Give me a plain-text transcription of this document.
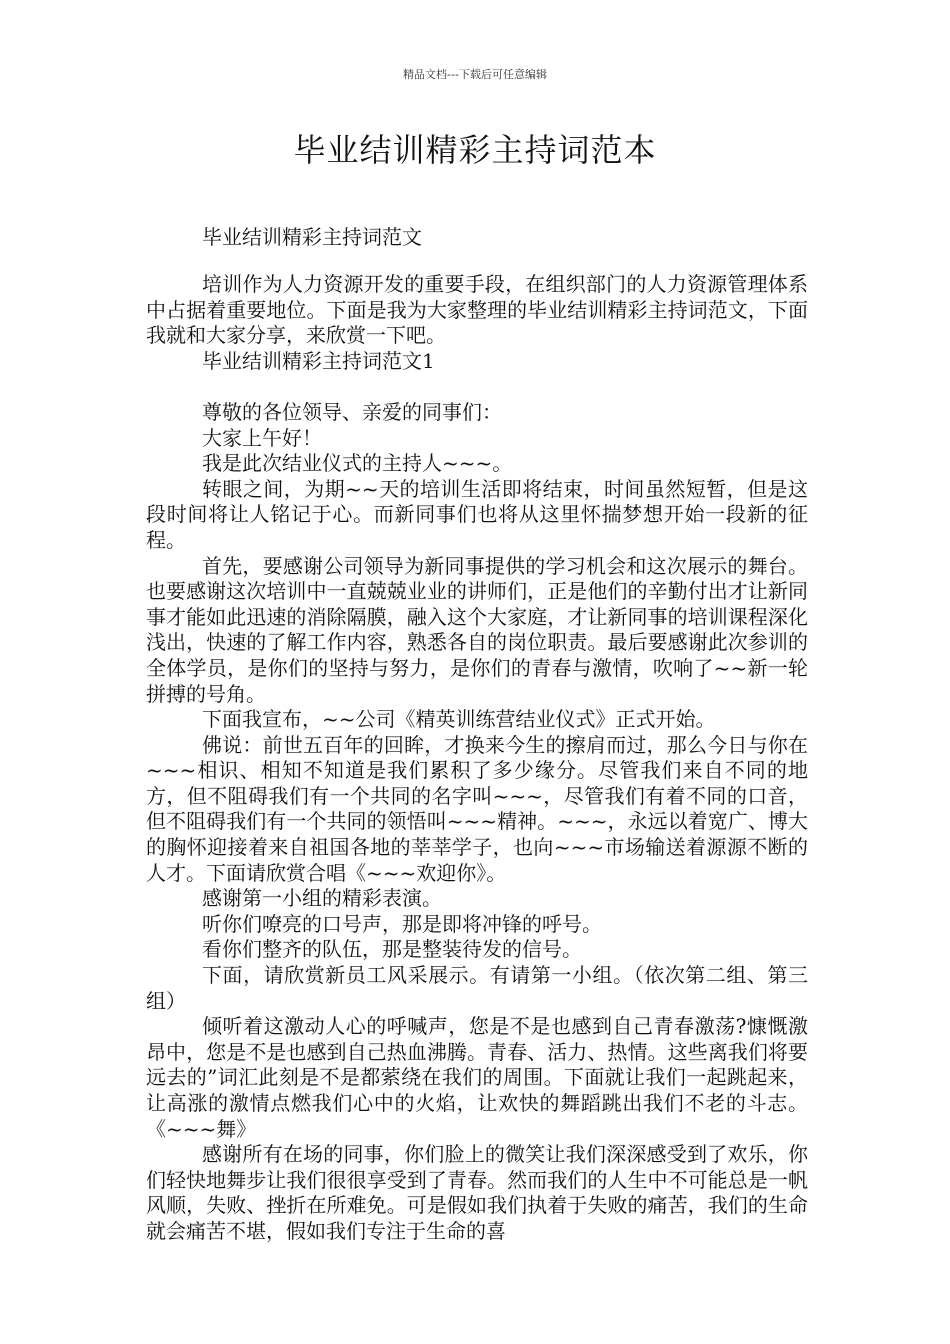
精品文档---下载后可任意编辑
毕业结训精彩主持词范本
毕业结训精彩主持词范文

培训作为人力资源开发的重要手段，在组织部门的人力资源管理体系中占据着重要地位。下面是我为大家整理的毕业结训精彩主持词范文，下面我就和大家分享，来欣赏一下吧。

毕业结训精彩主持词范文1

尊敬的各位领导、亲爱的同事们：

大家上午好！

我是此次结业仪式的主持人~~~。

转眼之间，为期~~天的培训生活即将结束，时间虽然短暂，但是这段时间将让人铭记于心。而新同事们也将从这里怀揣梦想开始一段新的征程。

首先，要感谢公司领导为新同事提供的学习机会和这次展示的舞台。也要感谢这次培训中一直兢兢业业的讲师们，正是他们的辛勤付出才让新同事才能如此迅速的消除隔膜，融入这个大家庭，才让新同事的培训课程深化浅出，快速的了解工作内容，熟悉各自的岗位职责。最后要感谢此次参训的全体学员，是你们的坚持与努力，是你们的青春与激情，吹响了~~新一轮拼搏的号角。

下面我宣布，~~公司《精英训练营结业仪式》正式开始。

佛说：前世五百年的回眸，才换来今生的擦肩而过，那么今日与你在~~~相识、相知不知道是我们累积了多少缘分。尽管我们来自不同的地方，但不阻碍我们有一个共同的名字叫~~~，尽管我们有着不同的口音，但不阻碍我们有一个共同的领悟叫~~~精神。~~~，永远以着宽广、博大的胸怀迎接着来自祖国各地的莘莘学子，也向~~~市场输送着源源不断的人才。下面请欣赏合唱《~~~欢迎你》。

感谢第一小组的精彩表演。

听你们嘹亮的口号声，那是即将冲锋的呼号。

看你们整齐的队伍，那是整装待发的信号。

下面，请欣赏新员工风采展示。有请第一小组。（依次第二组、第三组）

倾听着这激动人心的呼喊声，您是不是也感到自己青春激荡?慷慨激昂中，您是不是也感到自己热血沸腾。青春、活力、热情。这些离我们将要远去的”词汇此刻是不是都萦绕在我们的周围。下面就让我们一起跳起来，让高涨的激情点燃我们心中的火焰，让欢快的舞蹈跳出我们不老的斗志。《~~~舞》

感谢所有在场的同事，你们脸上的微笑让我们深深感受到了欢乐，你们轻快地舞步让我们很很享受到了青春。然而我们的人生中不可能总是一帆风顺，失败、挫折在所难免。可是假如我们执着于失败的痛苦，我们的生命就会痛苦不堪，假如我们专注于生命的喜
